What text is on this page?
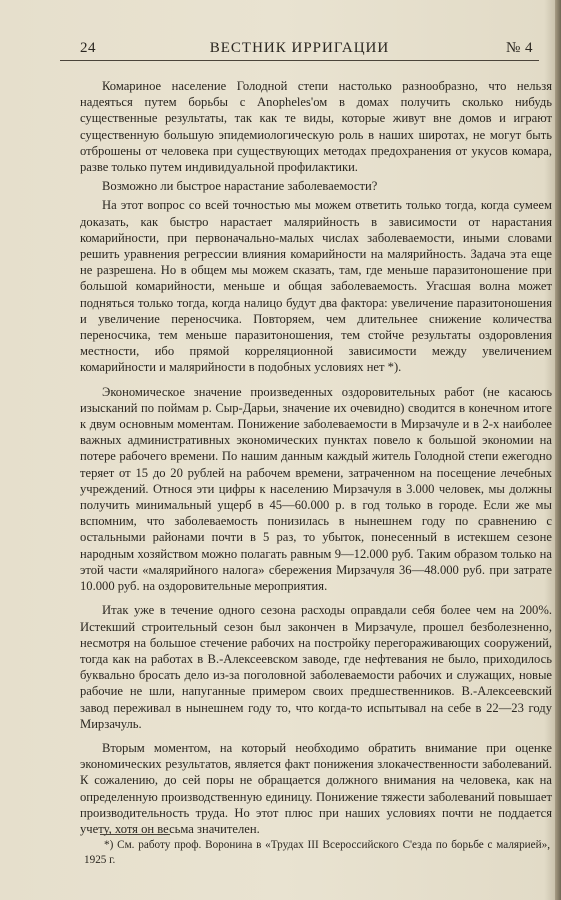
24	ВЕСТНИК ИРРИГАЦИИ	№ 4

Комариное население Голодной степи настолько разнообразно, что нельзя надеяться путем борьбы с Anopheles'ом в домах получить сколько нибудь существенные результаты, так как те виды, которые живут вне домов и играют существенную большую эпидемиологическую роль в наших широтах, не могут быть отброшены от человека при существующих методах предохранения от укусов комара, разве только путем индивидуальной профилактики.

Возможно ли быстрое нарастание заболеваемости?

На этот вопрос со всей точностью мы можем ответить только тогда, когда сумеем доказать, как быстро нарастает малярийность в зависимости от нарастания комарийности, при первоначально-малых числах заболеваемости, иными словами решить уравнения регрессии влияния комарийности на малярийность. Задача эта еще не разрешена. Но в общем мы можем сказать, там, где меньше паразитоношение при большой комарийности, меньше и общая заболеваемость. Угасшая волна может подняться только тогда, когда налицо будут два фактора: увеличение паразитоношения и увеличение переносчика. Повторяем, чем длительнее снижение количества переносчика, тем меньше паразитоношения, тем стойче результаты оздоровления местности, ибо прямой корреляционной зависимости между увеличением комарийности и малярийности в подобных условиях нет *).

Экономическое значение произведенных оздоровительных работ (не касаюсь изысканий по поймам р. Сыр-Дарьи, значение их очевидно) сводится в конечном итоге к двум основным моментам. Понижение заболеваемости в Мирзачуле и в 2-х наиболее важных административных экономических пунктах повело к большой экономии на потере рабочего времени. По нашим данным каждый житель Голодной степи ежегодно теряет от 15 до 20 рублей на рабочем времени, затраченном на посещение лечебных учреждений. Относя эти цифры к населению Мирзачуля в 3.000 человек, мы должны получить минимальный ущерб в 45—60.000 р. в год только в городе. Если же мы вспомним, что заболеваемость понизилась в нынешнем году по сравнению с остальными районами почти в 5 раз, то убыток, понесенный в истекшем сезоне народным хозяйством можно полагать равным 9—12.000 руб. Таким образом только на этой части «малярийного налога» сбережения Мирзачуля 36—48.000 руб. при затрате 10.000 руб. на оздоровительные мероприятия.

Итак уже в течение одного сезона расходы оправдали себя более чем на 200%. Истекший строительный сезон был закончен в Мирзачуле, прошел безболезненно, несмотря на большое стечение рабочих на постройку перегораживающих сооружений, тогда как на работах в В.-Алексеевском заводе, где нефтевания не было, приходилось буквально бросать дело из-за поголовной заболеваемости рабочих и служащих, новые рабочие не шли, напуганные примером своих предшественников. В.-Алексеевский завод переживал в нынешнем году то, что когда-то испытывал на себе в 22—23 году Мирзачуль.

Вторым моментом, на который необходимо обратить внимание при оценке экономических результатов, является факт понижения злокачественности заболеваний. К сожалению, до сей поры не обращается должного внимания на человека, как на определенную производственную единицу. Понижение тяжести заболеваний повышает производительность труда. Но этот плюс при наших условиях почти не поддается учету, хотя он весьма значителен.

*) См. работу проф. Воронина в «Трудах III Всероссийского С'езда по борьбе с малярией», 1925 г.
